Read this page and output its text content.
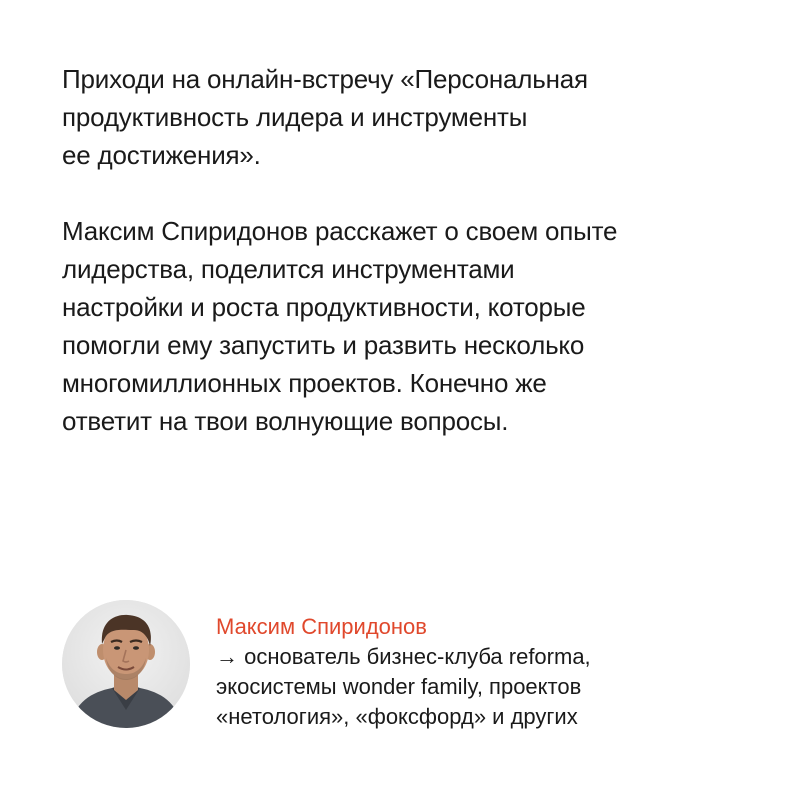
Приходи на онлайн-встречу «Персональная
продуктивность лидера и инструменты
ее достижения».

Максим Спиридонов расскажет о своем опыте
лидерства, поделится инструментами
настройки и роста продуктивности, которые
помогли ему запустить и развить несколько
многомиллионных проектов. Конечно же
ответит на твои волнующие вопросы.

Максим Спиридонов

→ основатель бизнес-клуба reforma,
экосистемы wonder family, проектов
«нетология», «фоксфорд» и других
